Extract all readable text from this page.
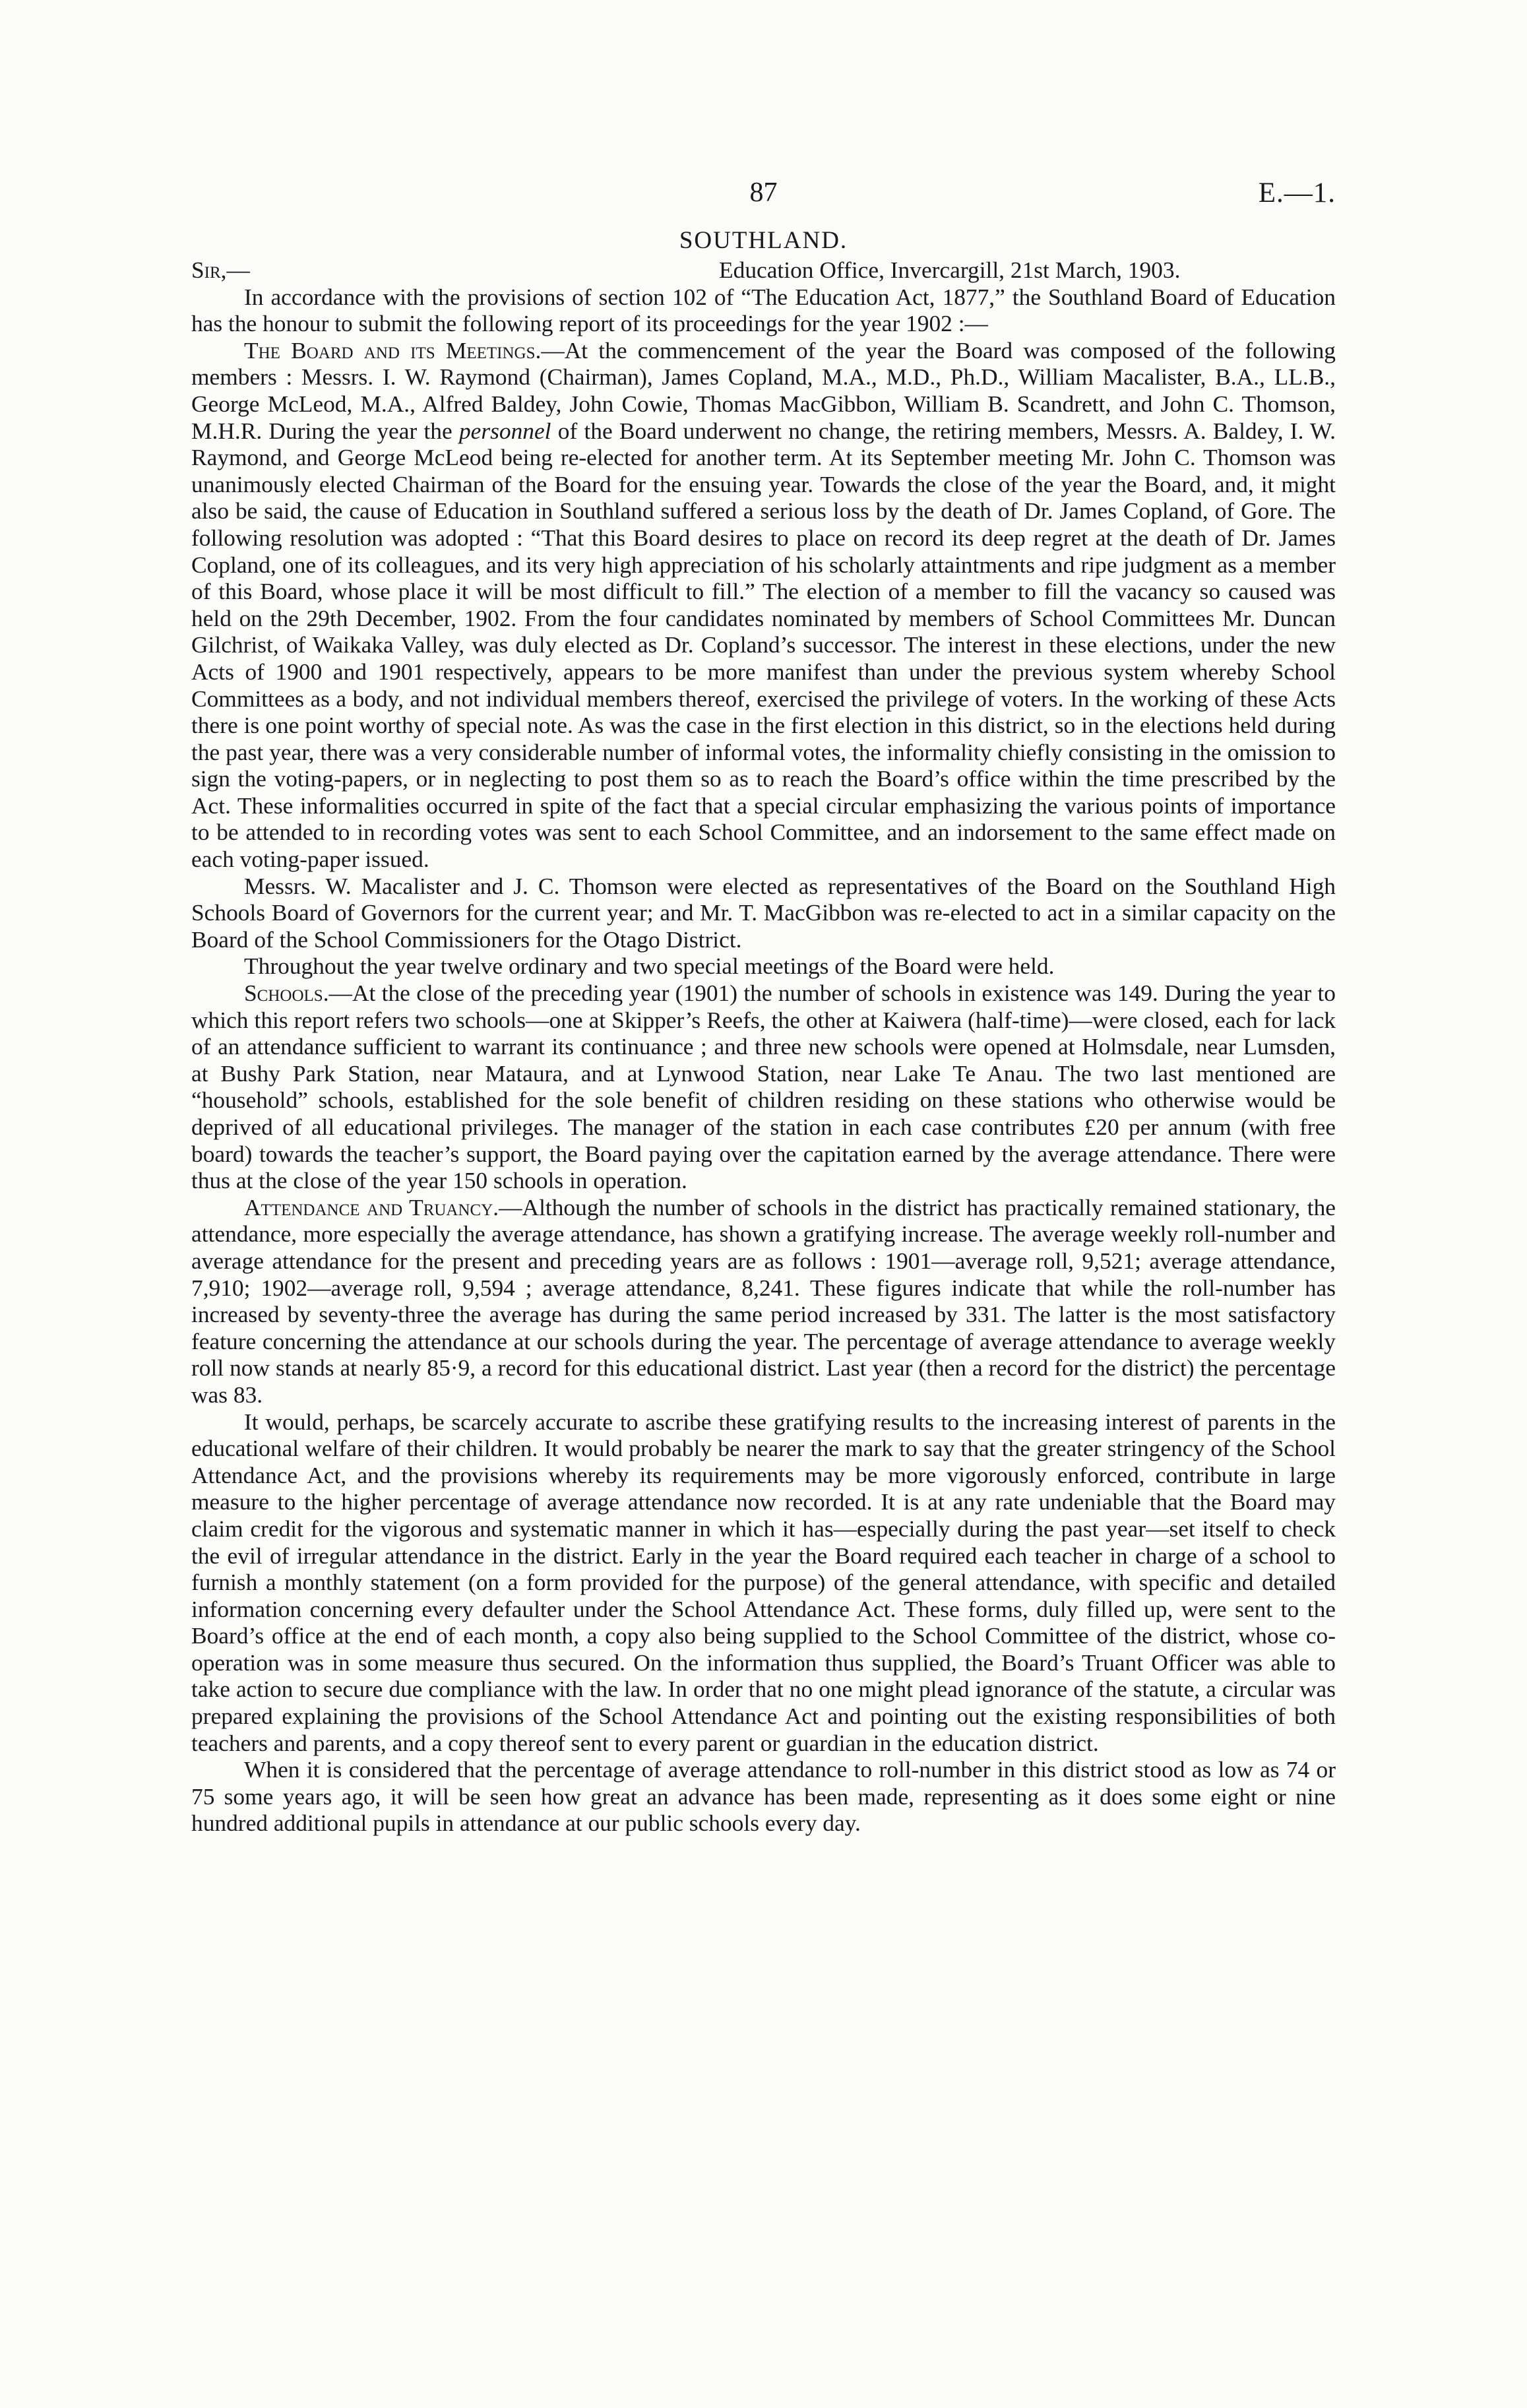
87	E.—1.
SOUTHLAND.
Sir,—	Education Office, Invercargill, 21st March, 1903.

In accordance with the provisions of section 102 of “The Education Act, 1877,” the Southland Board of Education has the honour to submit the following report of its proceedings for the year 1902 :—

The Board and its Meetings.—At the commencement of the year the Board was composed of the following members : Messrs. I. W. Raymond (Chairman), James Copland, M.A., M.D., Ph.D., William Macalister, B.A., LL.B., George McLeod, M.A., Alfred Baldey, John Cowie, Thomas MacGibbon, William B. Scandrett, and John C. Thomson, M.H.R. During the year the personnel of the Board underwent no change, the retiring members, Messrs. A. Baldey, I. W. Raymond, and George McLeod being re-elected for another term. At its September meeting Mr. John C. Thomson was unanimously elected Chairman of the Board for the ensuing year. Towards the close of the year the Board, and, it might also be said, the cause of Education in Southland suffered a serious loss by the death of Dr. James Copland, of Gore. The following resolution was adopted : “That this Board desires to place on record its deep regret at the death of Dr. James Copland, one of its colleagues, and its very high appreciation of his scholarly attaintments and ripe judgment as a member of this Board, whose place it will be most difficult to fill.” The election of a member to fill the vacancy so caused was held on the 29th December, 1902. From the four candidates nominated by members of School Committees Mr. Duncan Gilchrist, of Waikaka Valley, was duly elected as Dr. Copland’s successor. The interest in these elections, under the new Acts of 1900 and 1901 respectively, appears to be more manifest than under the previous system whereby School Committees as a body, and not individual members thereof, exercised the privilege of voters. In the working of these Acts there is one point worthy of special note. As was the case in the first election in this district, so in the elections held during the past year, there was a very considerable number of informal votes, the informality chiefly consisting in the omission to sign the voting-papers, or in neglecting to post them so as to reach the Board’s office within the time prescribed by the Act. These informalities occurred in spite of the fact that a special circular emphasizing the various points of importance to be attended to in recording votes was sent to each School Committee, and an indorsement to the same effect made on each voting-paper issued.

Messrs. W. Macalister and J. C. Thomson were elected as representatives of the Board on the Southland High Schools Board of Governors for the current year; and Mr. T. MacGibbon was re-elected to act in a similar capacity on the Board of the School Commissioners for the Otago District.

Throughout the year twelve ordinary and two special meetings of the Board were held.

Schools.—At the close of the preceding year (1901) the number of schools in existence was 149. During the year to which this report refers two schools—one at Skipper’s Reefs, the other at Kaiwera (half-time)—were closed, each for lack of an attendance sufficient to warrant its continuance ; and three new schools were opened at Holmsdale, near Lumsden, at Bushy Park Station, near Mataura, and at Lynwood Station, near Lake Te Anau. The two last mentioned are “household” schools, established for the sole benefit of children residing on these stations who otherwise would be deprived of all educational privileges. The manager of the station in each case contributes £20 per annum (with free board) towards the teacher’s support, the Board paying over the capitation earned by the average attendance. There were thus at the close of the year 150 schools in operation.

Attendance and Truancy.—Although the number of schools in the district has practically remained stationary, the attendance, more especially the average attendance, has shown a gratifying increase. The average weekly roll-number and average attendance for the present and preceding years are as follows : 1901—average roll, 9,521; average attendance, 7,910; 1902—average roll, 9,594 ; average attendance, 8,241. These figures indicate that while the roll-number has increased by seventy-three the average has during the same period increased by 331. The latter is the most satisfactory feature concerning the attendance at our schools during the year. The percentage of average attendance to average weekly roll now stands at nearly 85·9, a record for this educational district. Last year (then a record for the district) the percentage was 83.

It would, perhaps, be scarcely accurate to ascribe these gratifying results to the increasing interest of parents in the educational welfare of their children. It would probably be nearer the mark to say that the greater stringency of the School Attendance Act, and the provisions whereby its requirements may be more vigorously enforced, contribute in large measure to the higher percentage of average attendance now recorded. It is at any rate undeniable that the Board may claim credit for the vigorous and systematic manner in which it has—especially during the past year—set itself to check the evil of irregular attendance in the district. Early in the year the Board required each teacher in charge of a school to furnish a monthly statement (on a form provided for the purpose) of the general attendance, with specific and detailed information concerning every defaulter under the School Attendance Act. These forms, duly filled up, were sent to the Board’s office at the end of each month, a copy also being supplied to the School Committee of the district, whose co-operation was in some measure thus secured. On the information thus supplied, the Board’s Truant Officer was able to take action to secure due compliance with the law. In order that no one might plead ignorance of the statute, a circular was prepared explaining the provisions of the School Attendance Act and pointing out the existing responsibilities of both teachers and parents, and a copy thereof sent to every parent or guardian in the education district.

When it is considered that the percentage of average attendance to roll-number in this district stood as low as 74 or 75 some years ago, it will be seen how great an advance has been made, representing as it does some eight or nine hundred additional pupils in attendance at our public schools every day.
